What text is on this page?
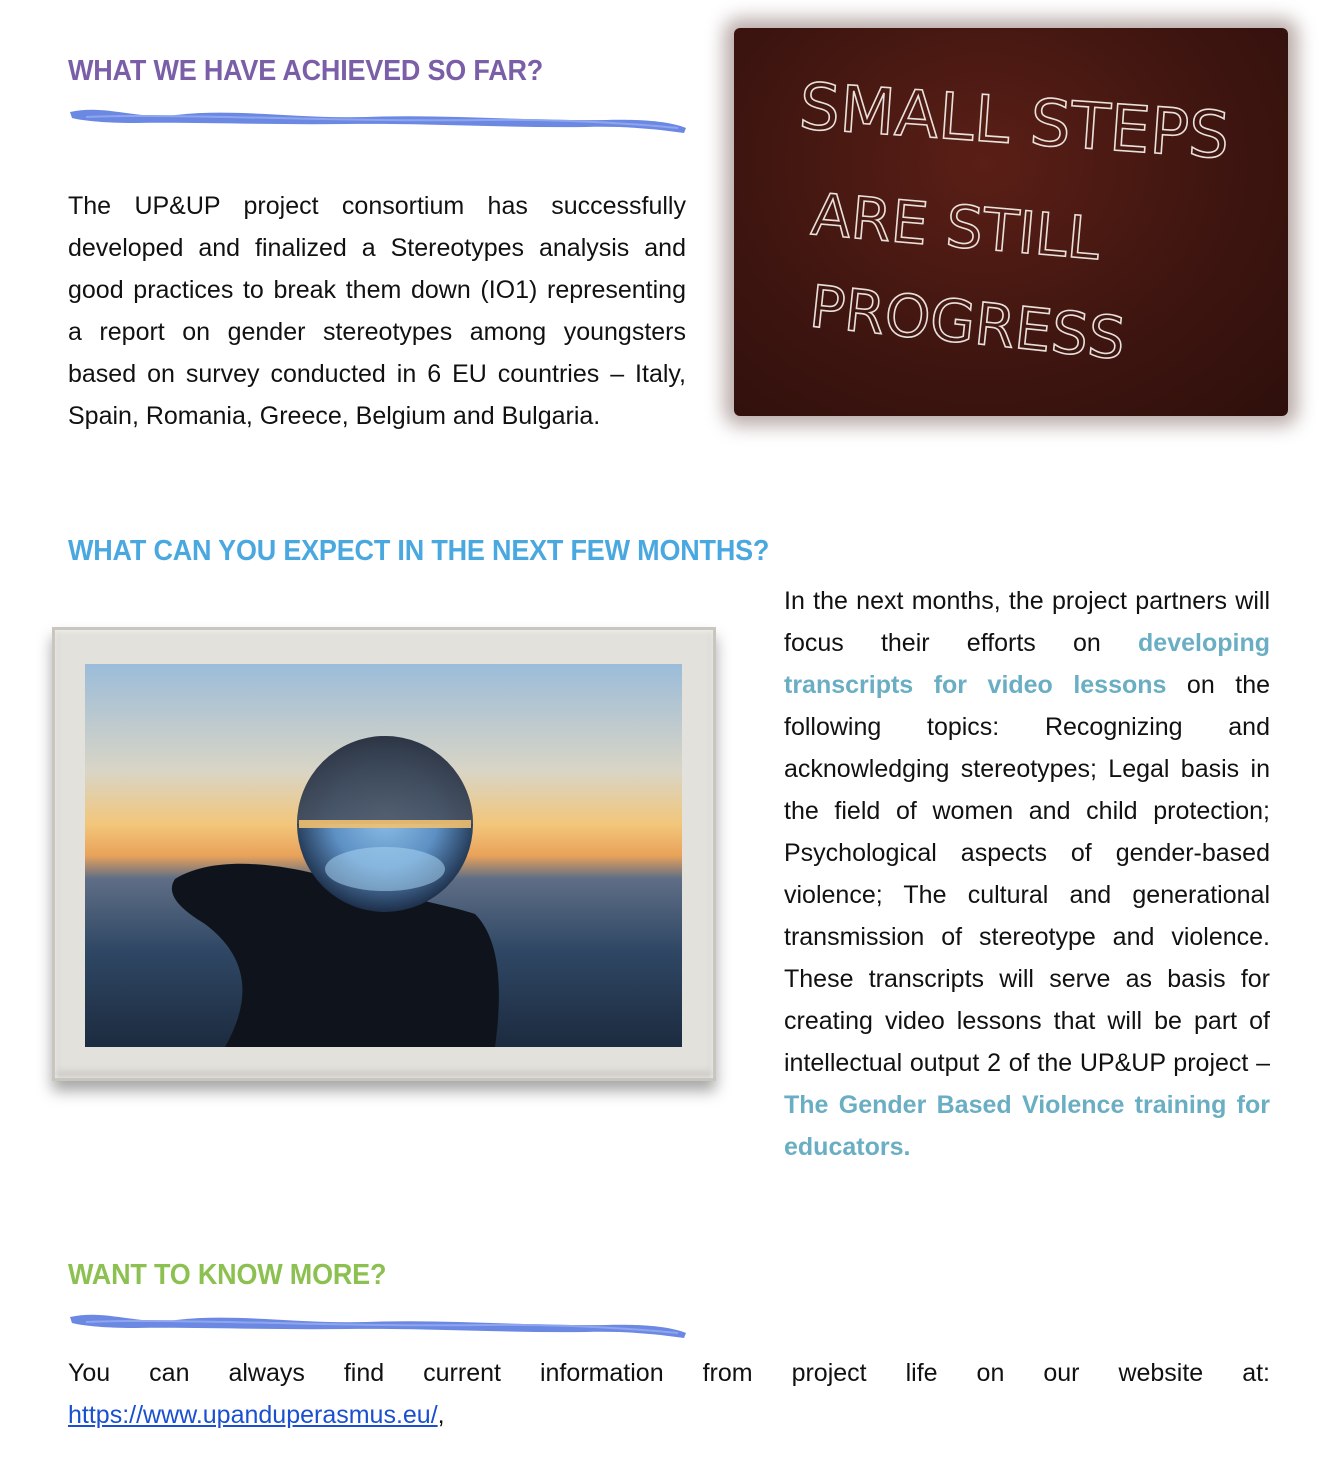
WHAT WE HAVE ACHIEVED SO FAR?

The UP&UP project consortium has successfully developed and finalized a Stereotypes analysis and good practices to break them down (IO1) representing a report on gender stereotypes among youngsters based on survey conducted in 6 EU countries – Italy, Spain, Romania, Greece, Belgium and Bulgaria.

SMALL STEPS
ARE STILL
PROGRESS
WHAT CAN YOU EXPECT IN THE NEXT FEW MONTHS?

In the next months, the project partners will focus their efforts on developing transcripts for video lessons on the following topics: Recognizing and acknowledging stereotypes; Legal basis in the field of women and child protection; Psychological aspects of gender-based violence; The cultural and generational transmission of stereotype and violence. These transcripts will serve as basis for creating video lessons that will be part of intellectual output 2 of the UP&UP project – The Gender Based Violence training for educators.

WANT TO KNOW MORE?

You can always find current information from project life on our website at:

https://www.upanduperasmus.eu/,
